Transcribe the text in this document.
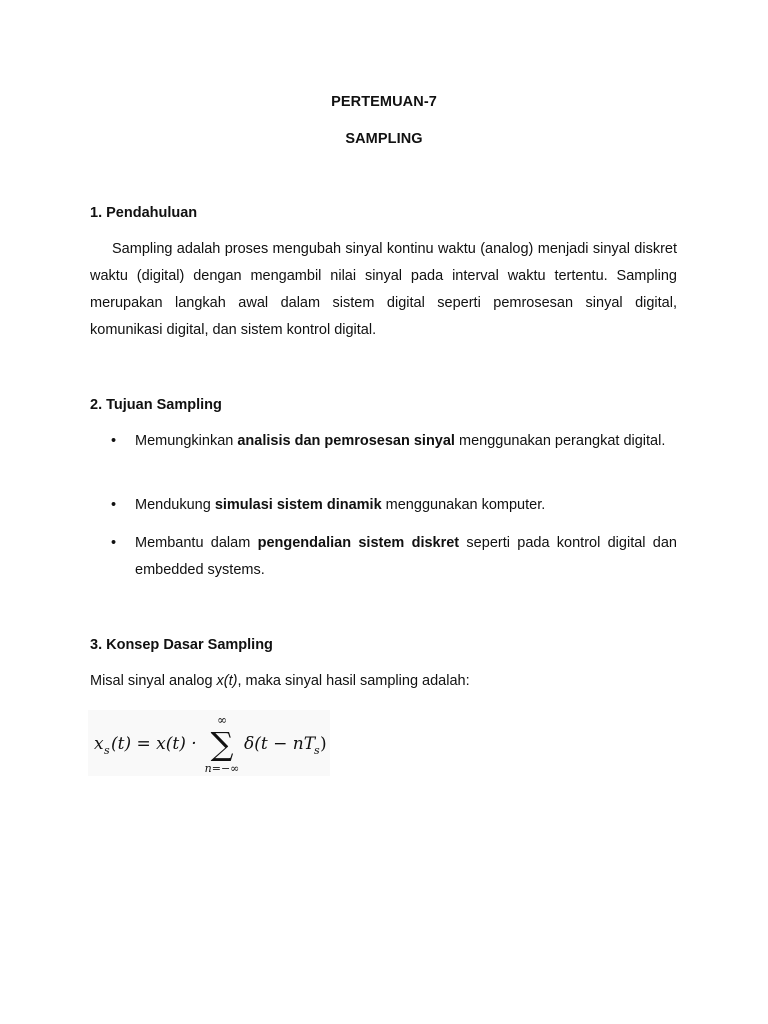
PERTEMUAN-7
SAMPLING
1. Pendahuluan
Sampling adalah proses mengubah sinyal kontinu waktu (analog) menjadi sinyal diskret waktu (digital) dengan mengambil nilai sinyal pada interval waktu tertentu. Sampling merupakan langkah awal dalam sistem digital seperti pemrosesan sinyal digital, komunikasi digital, dan sistem kontrol digital.
2. Tujuan Sampling
• Memungkinkan analisis dan pemrosesan sinyal menggunakan perangkat digital.
• Mendukung simulasi sistem dinamik menggunakan komputer.
• Membantu dalam pengendalian sistem diskret seperti pada kontrol digital dan embedded systems.
3. Konsep Dasar Sampling
Misal sinyal analog x(t), maka sinyal hasil sampling adalah:
x s (t) = x(t) ·
∞
∑
n=−∞
δ(t − nT
s )
